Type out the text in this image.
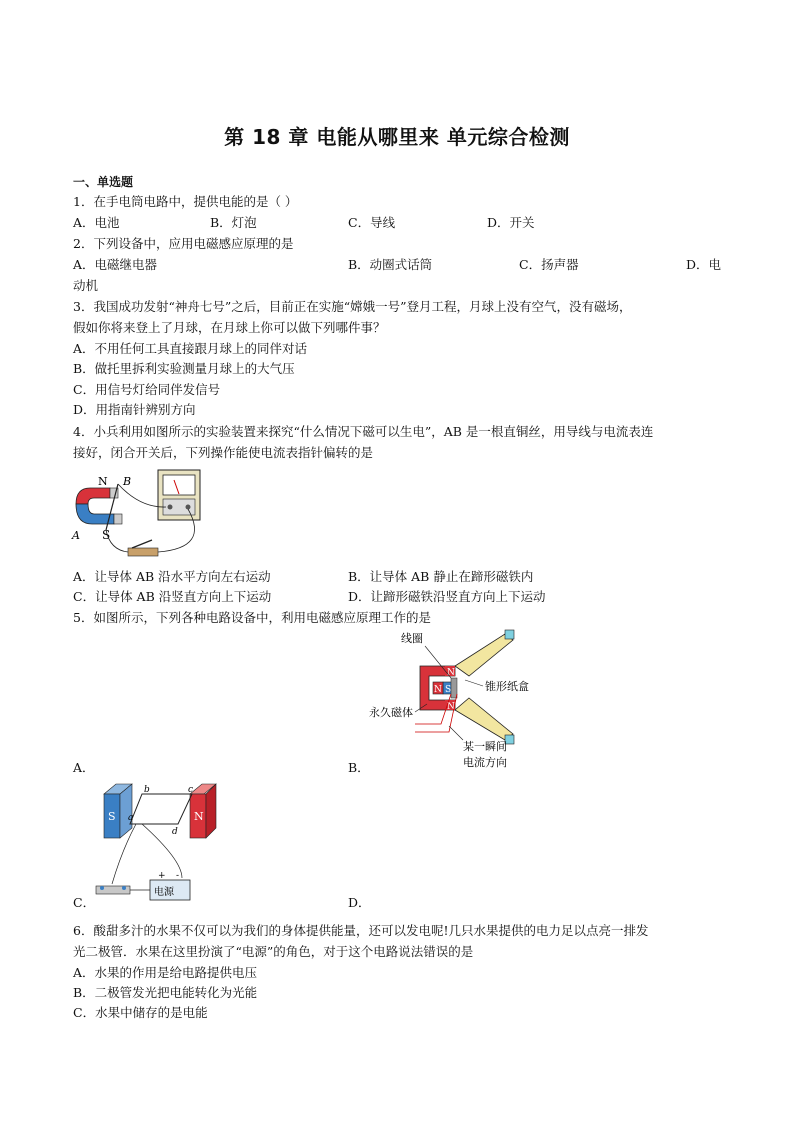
第 18 章 电能从哪里来 单元综合检测
一、单选题
1．在手电筒电路中，提供电能的是（ ）
A．电池	B．灯泡	C．导线	D．开关
2．下列设备中，应用电磁感应原理的是
A．电磁继电器	B．动圈式话筒	C．扬声器	D．电
动机
3．我国成功发射“神舟七号”之后，目前正在实施“嫦娥一号”登月工程，月球上没有空气，没有磁场，
假如你将来登上了月球，在月球上你可以做下列哪件事？
A．不用任何工具直接跟月球上的同伴对话
B．做托里拆利实验测量月球上的大气压
C．用信号灯给同伴发信号
D．用指南针辨别方向
4．小兵利用如图所示的实验装置来探究“什么情况下磁可以生电”，AB 是一根直铜丝，用导线与电流表连
接好，闭合开关后，下列操作能使电流表指针偏转的是
N B
A S
A．让导体 AB 沿水平方向左右运动	B．让导体 AB 静止在蹄形磁铁内
C．让导体 AB 沿竖直方向上下运动	D．让蹄形磁铁沿竖直方向上下运动
5．如图所示，下列各种电路设备中，利用电磁感应原理工作的是
N
N
N S
线圈
锥形纸盒
永久磁体
某一瞬间
电流方向
A．	B．
S	N
a
b	c
d
+ -
电源
C．	D．
6．酸甜多汁的水果不仅可以为我们的身体提供能量，还可以发电呢!几只水果提供的电力足以点亮一排发
光二极管．水果在这里扮演了“电源”的角色，对于这个电路说法错误的是
A．水果的作用是给电路提供电压
B．二极管发光把电能转化为光能
C．水果中储存的是电能
